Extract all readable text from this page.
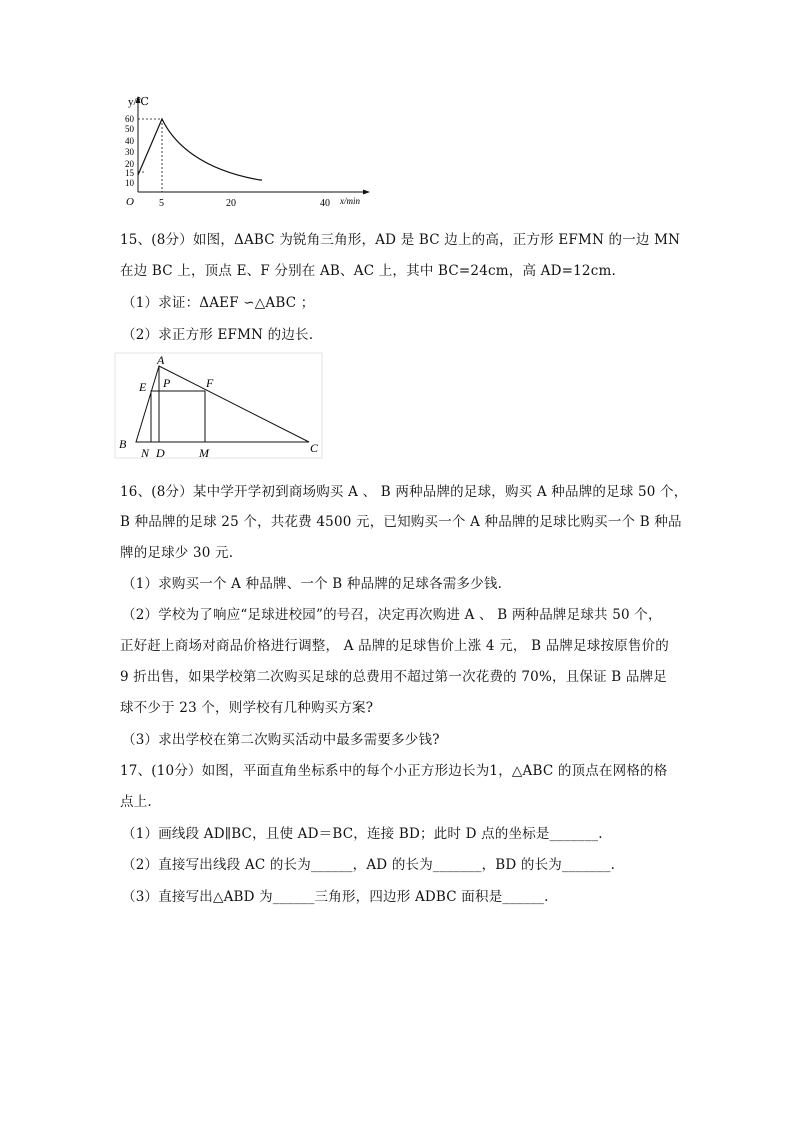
y/℃
x/min
O
60
50
40
30
20
15
10
5	20	40
15、(8分）如图，ΔABC 为锐角三角形，AD 是 BC 边上的高，正方形 EFMN 的一边 MN
在边 BC 上，顶点 E、F 分别在 AB、AC 上，其中 BC=24cm，高 AD=12cm.
（1）求证：ΔAEF ∽△ABC ；
（2）求正方形 EFMN 的边长.
A
E P	F
B
N D	M	C
16、(8分）某中学开学初到商场购买 A 、 B 两种品牌的足球，购买 A 种品牌的足球 50 个，
B 种品牌的足球 25 个，共花费 4500 元，已知购买一个 A 种品牌的足球比购买一个 B 种品
牌的足球少 30 元.
（1）求购买一个 A 种品牌、一个 B 种品牌的足球各需多少钱.
（2）学校为了响应“足球进校园”的号召，决定再次购进 A 、 B 两种品牌足球共 50 个，
正好赶上商场对商品价格进行调整， A 品牌的足球售价上涨 4 元， B 品牌足球按原售价的
9 折出售，如果学校第二次购买足球的总费用不超过第一次花费的 70%，且保证 B 品牌足
球不少于 23 个，则学校有几种购买方案?
（3）求出学校在第二次购买活动中最多需要多少钱?
17、(10分）如图，平面直角坐标系中的每个小正方形边长为1，△ABC 的顶点在网格的格
点上.
（1）画线段 AD∥BC，且使 AD＝BC，连接 BD；此时 D 点的坐标是_______.
（2）直接写出线段 AC 的长为______，AD 的长为_______，BD 的长为_______.
（3）直接写出△ABD 为______三角形，四边形 ADBC 面积是______.
